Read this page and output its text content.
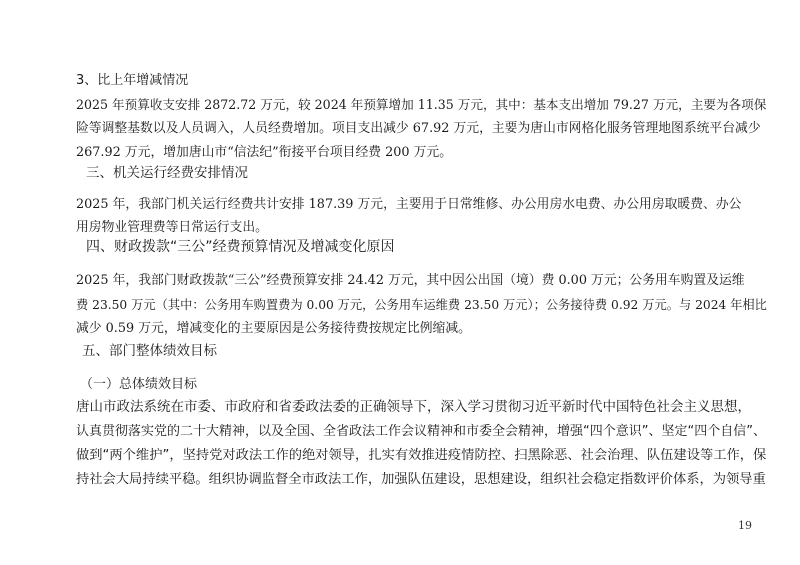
3、比上年增减情况
2025 年预算收支安排 2872.72 万元，较 2024 年预算增加 11.35 万元，其中：基本支出增加 79.27 万元，主要为各项保
险等调整基数以及人员调入，人员经费增加。项目支出减少 67.92 万元，主要为唐山市网格化服务管理地图系统平台减少
267.92 万元，增加唐山市“信法纪”衔接平台项目经费 200 万元。
三、机关运行经费安排情况
2025 年，我部门机关运行经费共计安排 187.39 万元，主要用于日常维修、办公用房水电费、办公用房取暖费、办公
用房物业管理费等日常运行支出。
四、财政拨款“三公”经费预算情况及增减变化原因
2025 年，我部门财政拨款“三公”经费预算安排 24.42 万元，其中因公出国（境）费 0.00 万元；公务用车购置及运维
费 23.50 万元（其中：公务用车购置费为 0.00 万元，公务用车运维费 23.50 万元）；公务接待费 0.92 万元。与 2024 年相比
减少 0.59 万元，增减变化的主要原因是公务接待费按规定比例缩减。
五、部门整体绩效目标
（一）总体绩效目标
唐山市政法系统在市委、市政府和省委政法委的正确领导下，深入学习贯彻习近平新时代中国特色社会主义思想，
认真贯彻落实党的二十大精神，以及全国、全省政法工作会议精神和市委全会精神，增强“四个意识”、坚定“四个自信”、
做到“两个维护”，坚持党对政法工作的绝对领导，扎实有效推进疫情防控、扫黑除恶、社会治理、队伍建设等工作，保
持社会大局持续平稳。组织协调监督全市政法工作，加强队伍建设，思想建设，组织社会稳定指数评价体系，为领导重
19
